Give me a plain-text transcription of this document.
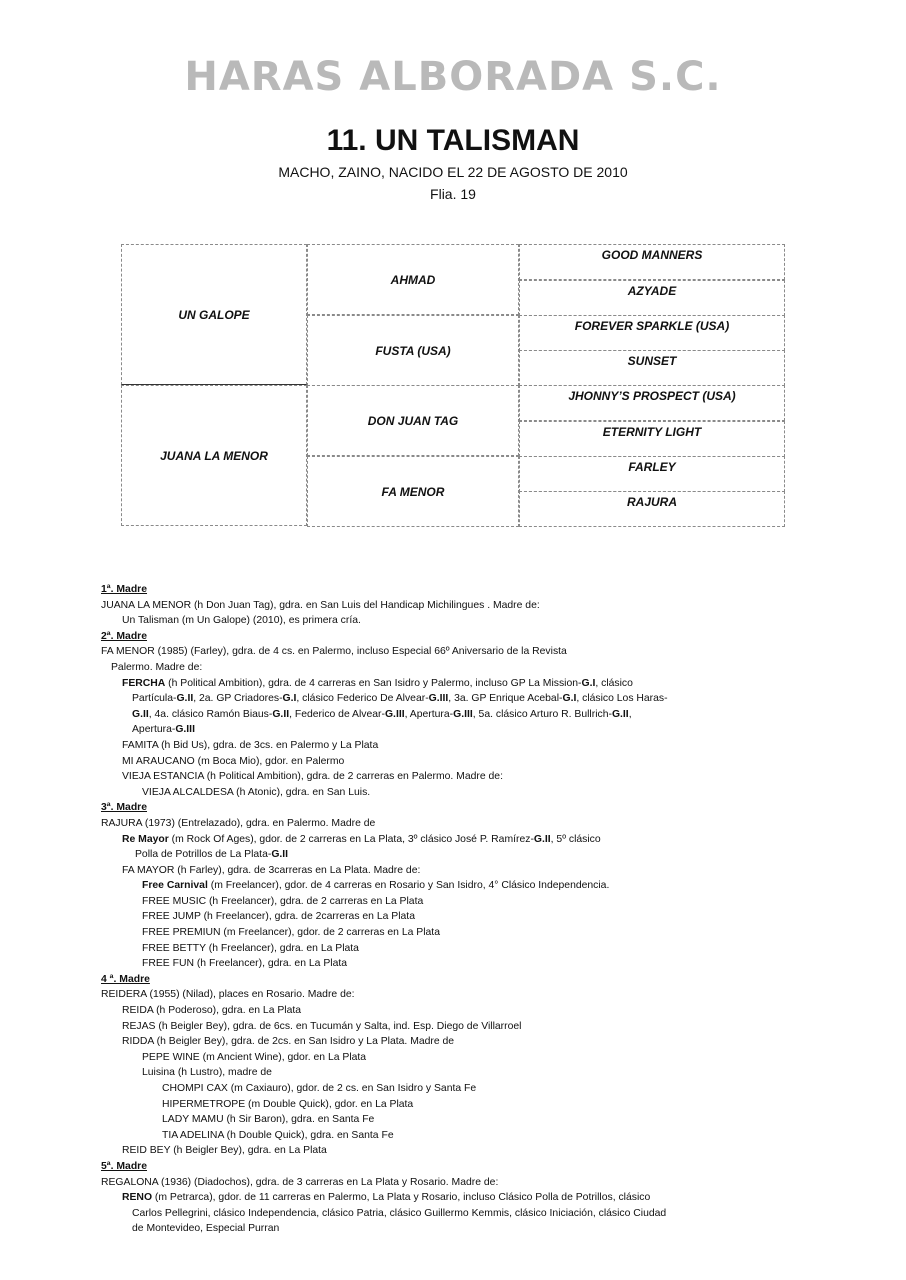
HARAS ALBORADA S.C.
11. UN TALISMAN
MACHO, ZAINO, NACIDO EL 22 DE AGOSTO DE 2010
Flia. 19
UN GALOPE
JUANA LA MENOR
AHMAD
FUSTA (USA)
DON JUAN TAG
FA MENOR
GOOD MANNERS
AZYADE
FOREVER SPARKLE (USA)
SUNSET
JHONNY’S PROSPECT (USA)
ETERNITY LIGHT
FARLEY
RAJURA
1ª. Madre
JUANA LA MENOR (h Don Juan Tag), gdra. en San Luis del Handicap Michilingues . Madre de:
Un Talisman (m Un Galope) (2010), es primera cría.
2ª. Madre
FA MENOR (1985) (Farley), gdra. de 4 cs. en Palermo, incluso Especial 66º Aniversario de la Revista
Palermo. Madre de:
FERCHA (h Political Ambition), gdra. de 4 carreras en San Isidro y Palermo, incluso GP La Mission-G.I, clásico
Partícula-G.II, 2a. GP Criadores-G.I, clásico Federico De Alvear-G.III, 3a. GP Enrique Acebal-G.I, clásico Los Haras-
G.II, 4a. clásico Ramón Biaus-G.II, Federico de Alvear-G.III, Apertura-G.III, 5a. clásico Arturo R. Bullrich-G.II,
Apertura-G.III
FAMITA (h Bid Us), gdra. de 3cs. en Palermo y La Plata
MI ARAUCANO (m Boca Mio), gdor. en Palermo
VIEJA ESTANCIA (h Political Ambition), gdra. de 2 carreras en Palermo. Madre de:
VIEJA ALCALDESA (h Atonic), gdra. en San Luis.
3ª. Madre
RAJURA (1973) (Entrelazado), gdra. en Palermo. Madre de
Re Mayor (m Rock Of Ages), gdor. de 2 carreras en La Plata, 3º clásico José P. Ramírez-G.II, 5º clásico
Polla de Potrillos de La Plata-G.II
FA MAYOR (h Farley), gdra. de 3carreras en La Plata. Madre de:
Free Carnival (m Freelancer), gdor. de 4 carreras en Rosario y San Isidro, 4° Clásico Independencia.
FREE MUSIC (h Freelancer), gdra. de 2 carreras en La Plata
FREE JUMP (h Freelancer), gdra. de 2carreras en La Plata
FREE PREMIUN (m Freelancer), gdor. de 2 carreras en La Plata
FREE BETTY (h Freelancer), gdra. en La Plata
FREE FUN (h Freelancer), gdra. en La Plata
4 ª. Madre
REIDERA (1955) (Nilad), places en Rosario. Madre de:
REIDA (h Poderoso), gdra. en La Plata
REJAS (h Beigler Bey), gdra. de 6cs. en Tucumán y Salta, ind. Esp. Diego de Villarroel
RIDDA (h Beigler Bey), gdra. de 2cs. en San Isidro y La Plata. Madre de
PEPE WINE (m Ancient Wine), gdor. en La Plata
Luisina (h Lustro), madre de
CHOMPI CAX (m Caxiauro), gdor. de 2 cs. en San Isidro y Santa Fe
HIPERMETROPE (m Double Quick), gdor. en La Plata
LADY MAMU (h Sir Baron), gdra. en Santa Fe
TIA ADELINA (h Double Quick), gdra. en Santa Fe
REID BEY (h Beigler Bey), gdra. en La Plata
5ª. Madre
REGALONA (1936) (Diadochos), gdra. de 3 carreras en La Plata y Rosario. Madre de:
RENO (m Petrarca), gdor. de 11 carreras en Palermo, La Plata y Rosario, incluso Clásico Polla de Potrillos, clásico
Carlos Pellegrini, clásico Independencia, clásico Patria, clásico Guillermo Kemmis, clásico Iniciación, clásico Ciudad
de Montevideo, Especial Purran
